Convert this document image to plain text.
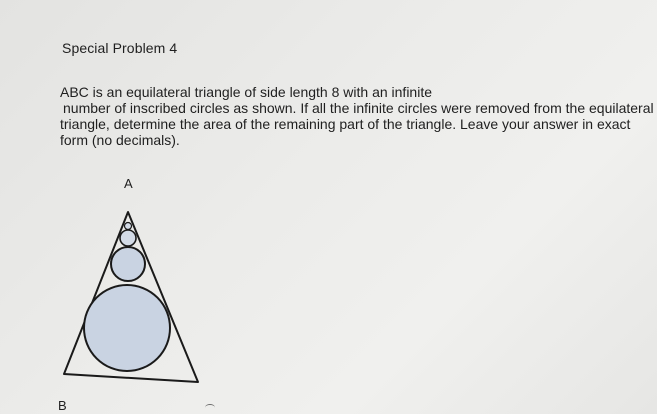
Special Problem 4
ABC is an equilateral triangle of side length 8 with an infinite
number of inscribed circles as shown. If all the infinite circles were removed from the equilateral
triangle, determine the area of the remaining part of the triangle. Leave your answer in exact
form (no decimals).
A
B
